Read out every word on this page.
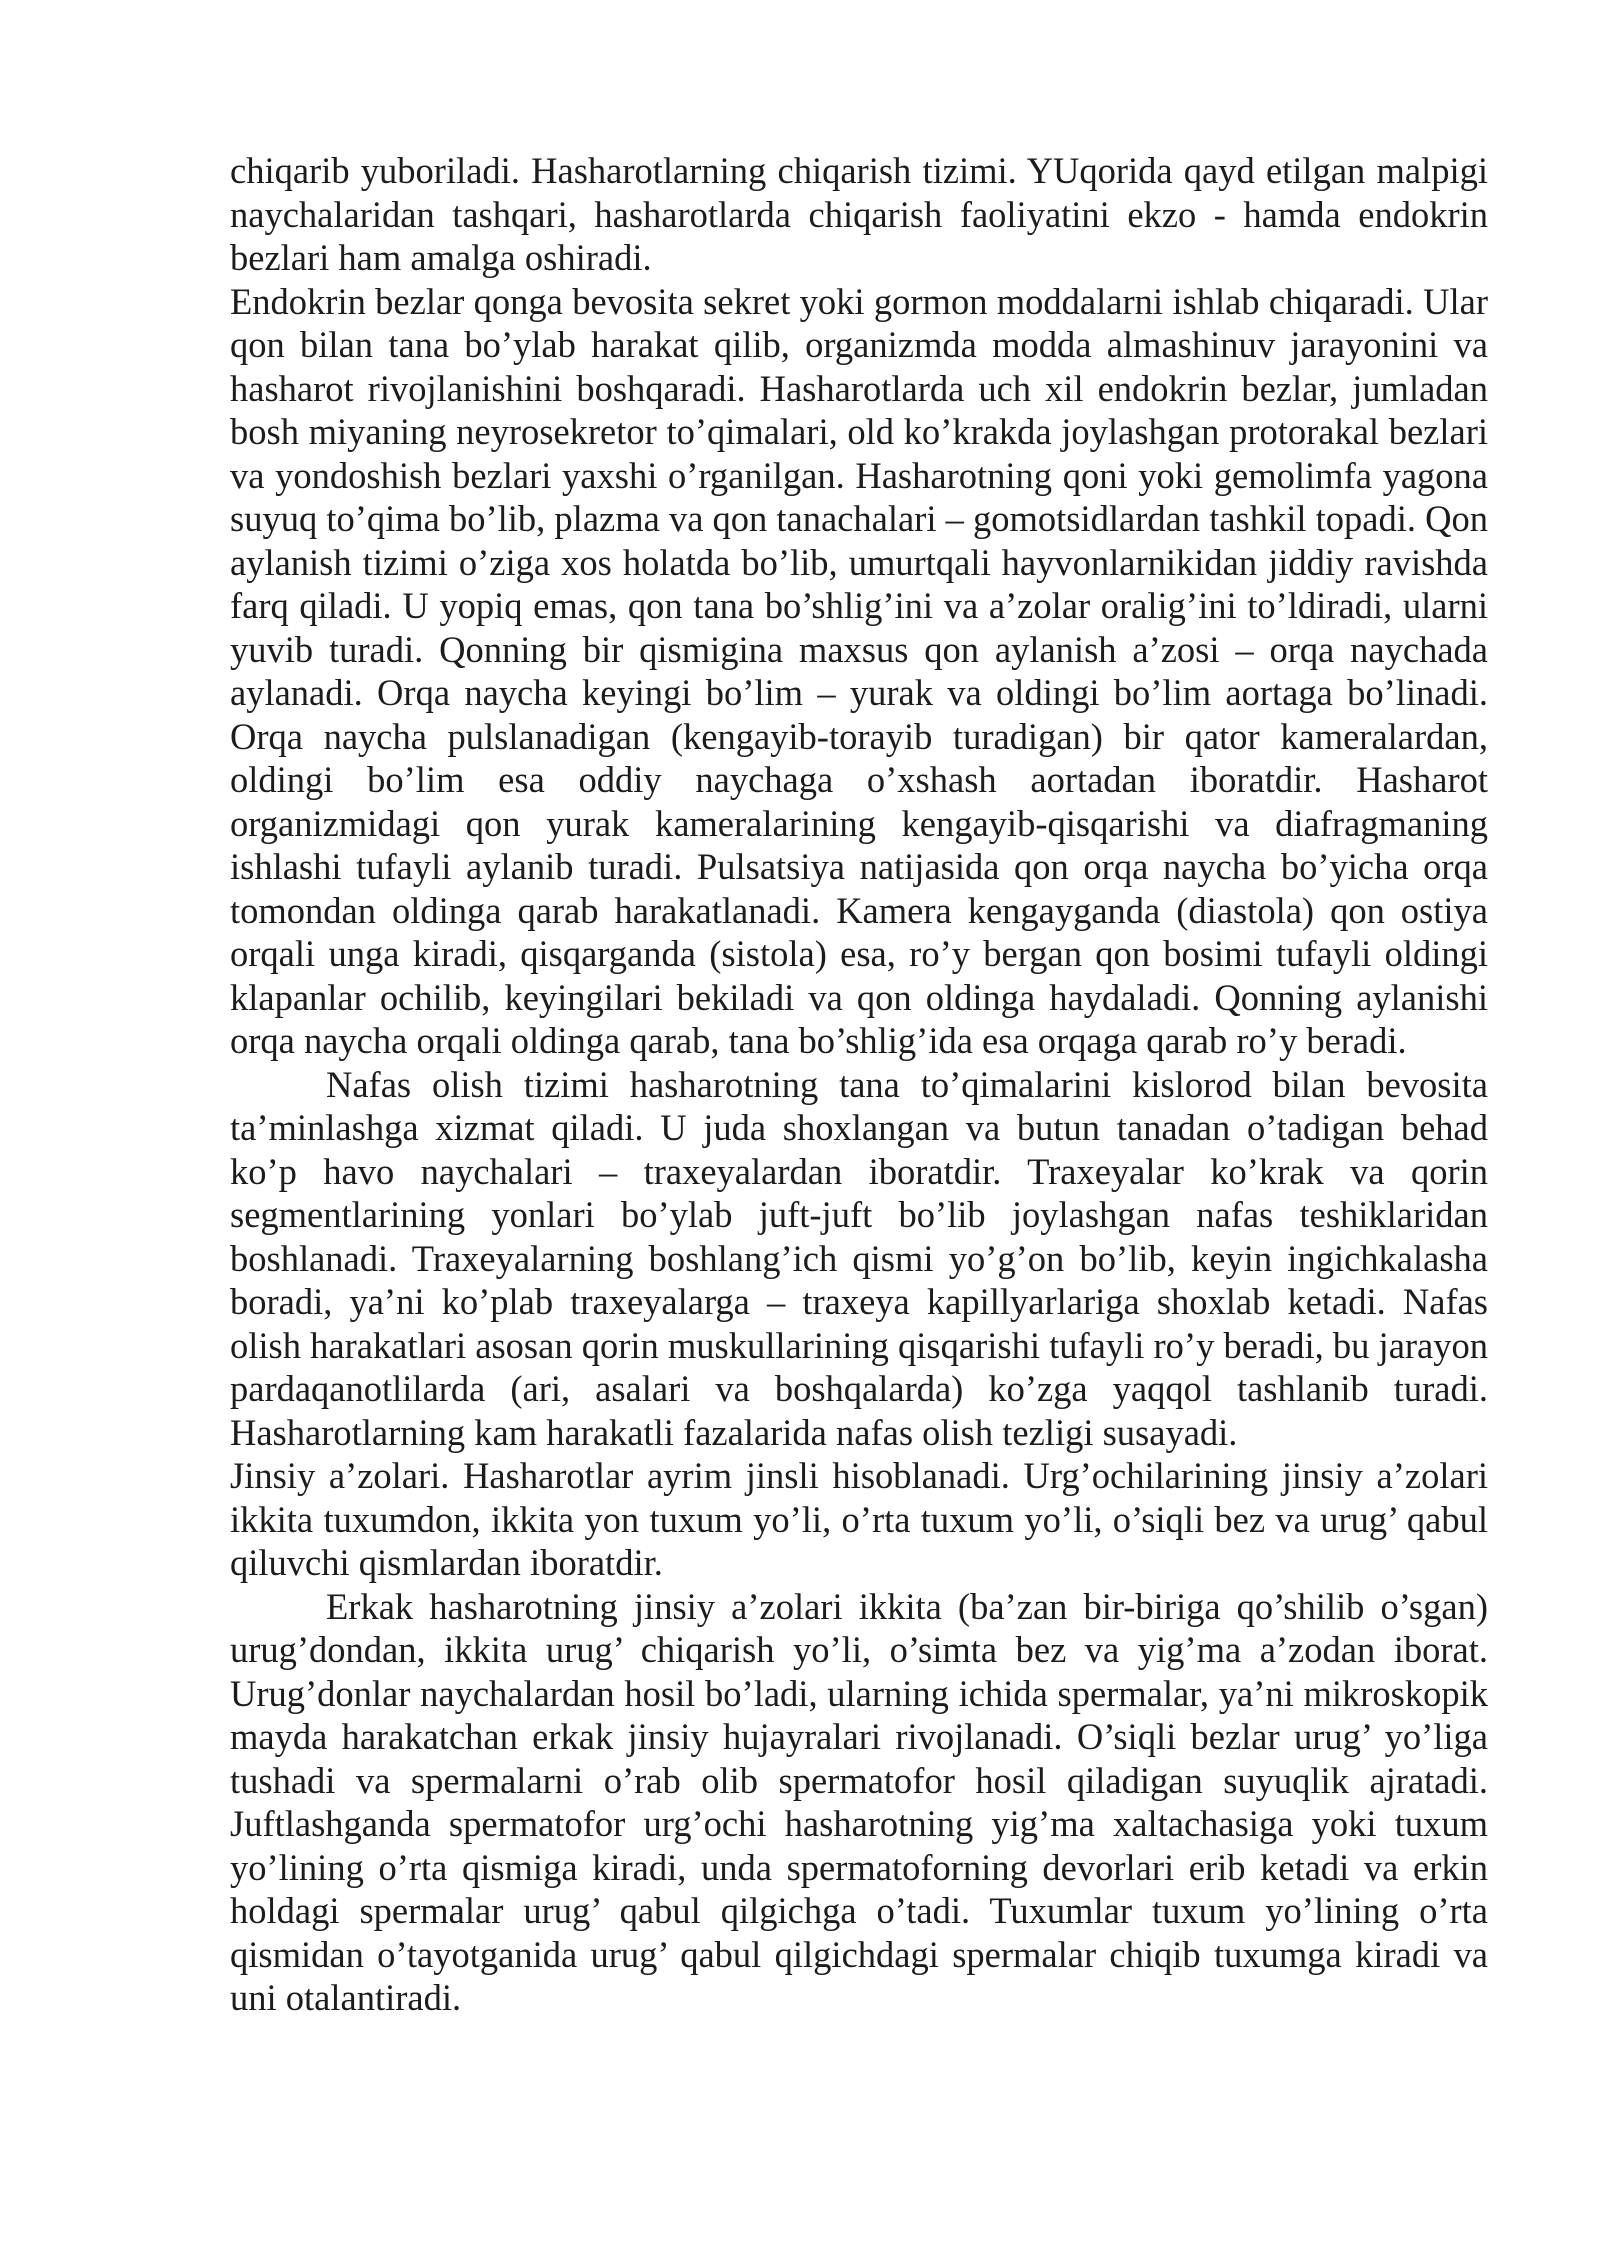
chiqarib yuboriladi. Hasharotlarning chiqarish tizimi. YUqorida qayd etilgan malpigi naychalaridan tashqari, hasharotlarda chiqarish faoliyatini ekzo - hamda endokrin bezlari ham amalga oshiradi.

Endokrin bezlar qonga bevosita sekret yoki gormon moddalarni ishlab chiqaradi. Ular qon bilan tana bo’ylab harakat qilib, organizmda modda almashinuv jarayonini va hasharot rivojlanishini boshqaradi. Hasharotlarda uch xil endokrin bezlar, jumladan bosh miyaning neyrosekretor to’qimalari, old ko’krakda joylashgan protorakal bezlari va yondoshish bezlari yaxshi o’rganilgan. Hasharotning qoni yoki gemolimfa yagona suyuq to’qima bo’lib, plazma va qon tanachalari – gomotsidlardan tashkil topadi. Qon aylanish tizimi o’ziga xos holatda bo’lib, umurtqali hayvonlarnikidan jiddiy ravishda farq qiladi. U yopiq emas, qon tana bo’shlig’ini va a’zolar oralig’ini to’ldiradi, ularni yuvib turadi. Qonning bir qismigina maxsus qon aylanish a’zosi – orqa naychada aylanadi. Orqa naycha keyingi bo’lim – yurak va oldingi bo’lim aortaga bo’linadi. Orqa naycha pulslanadigan (kengayib-torayib turadigan) bir qator kameralardan, oldingi bo’lim esa oddiy naychaga o’xshash aortadan iboratdir. Hasharot organizmidagi qon yurak kameralarining kengayib-qisqarishi va diafragmaning ishlashi tufayli aylanib turadi. Pulsatsiya natijasida qon orqa naycha bo’yicha orqa tomondan oldinga qarab harakatlanadi. Kamera kengayganda (diastola) qon ostiya orqali unga kiradi, qisqarganda (sistola) esa, ro’y bergan qon bosimi tufayli oldingi klapanlar ochilib, keyingilari bekiladi va qon oldinga haydaladi. Qonning aylanishi orqa naycha orqali oldinga qarab, tana bo’shlig’ida esa orqaga qarab ro’y beradi.

Nafas olish tizimi hasharotning tana to’qimalarini kislorod bilan bevosita ta’minlashga xizmat qiladi. U juda shoxlangan va butun tanadan o’tadigan behad ko’p havo naychalari – traxeyalardan iboratdir. Traxeyalar ko’krak va qorin segmentlarining yonlari bo’ylab juft-juft bo’lib joylashgan nafas teshiklaridan boshlanadi. Traxeyalarning boshlang’ich qismi yo’g’on bo’lib, keyin ingichkalasha boradi, ya’ni ko’plab traxeyalarga – traxeya kapillyarlariga shoxlab ketadi. Nafas olish harakatlari asosan qorin muskullarining qisqarishi tufayli ro’y beradi, bu jarayon pardaqanotlilarda (ari, asalari va boshqalarda) ko’zga yaqqol tashlanib turadi. Hasharotlarning kam harakatli fazalarida nafas olish tezligi susayadi.

Jinsiy a’zolari. Hasharotlar ayrim jinsli hisoblanadi. Urg’ochilarining jinsiy a’zolari ikkita tuxumdon, ikkita yon tuxum yo’li, o’rta tuxum yo’li, o’siqli bez va urug’ qabul qiluvchi qismlardan iboratdir.

Erkak hasharotning jinsiy a’zolari ikkita (ba’zan bir-biriga qo’shilib o’sgan) urug’dondan, ikkita urug’ chiqarish yo’li, o’simta bez va yig’ma a’zodan iborat. Urug’donlar naychalardan hosil bo’ladi, ularning ichida spermalar, ya’ni mikroskopik mayda harakatchan erkak jinsiy hujayralari rivojlanadi. O’siqli bezlar urug’ yo’liga tushadi va spermalarni o’rab olib spermatofor hosil qiladigan suyuqlik ajratadi. Juftlashganda spermatofor urg’ochi hasharotning yig’ma xaltachasiga yoki tuxum yo’lining o’rta qismiga kiradi, unda spermatoforning devorlari erib ketadi va erkin holdagi spermalar urug’ qabul qilgichga o’tadi. Tuxumlar tuxum yo’lining o’rta qismidan o’tayotganida urug’ qabul qilgichdagi spermalar chiqib tuxumga kiradi va uni otalantiradi.
